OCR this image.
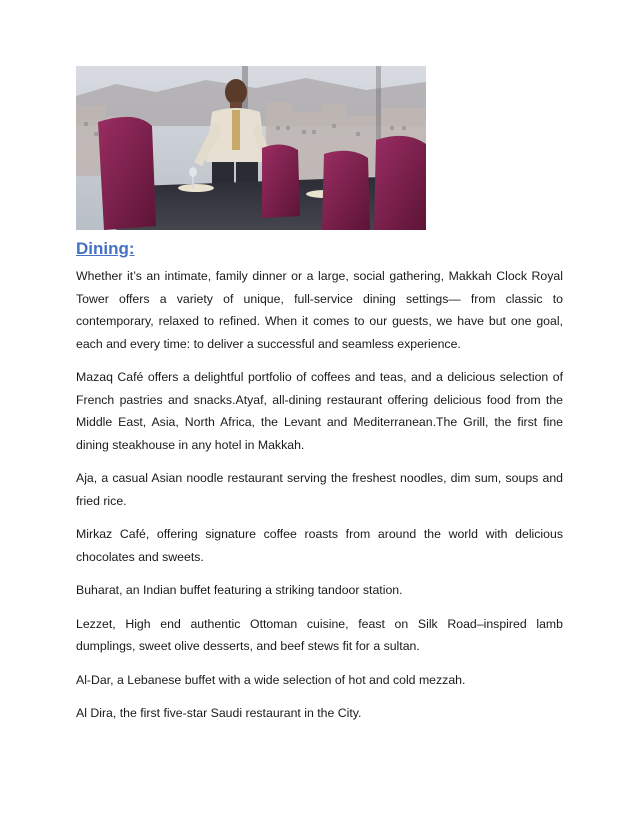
Dining:

Whether it’s an intimate, family dinner or a large, social gathering, Makkah Clock Royal Tower offers a variety of unique, full-service dining settings— from classic to contemporary, relaxed to refined. When it comes to our guests, we have but one goal, each and every time: to deliver a successful and seamless experience.

Mazaq Café offers a delightful portfolio of coffees and teas, and a delicious selection of French pastries and snacks.Atyaf, all-dining restaurant offering delicious food from the Middle East, Asia, North Africa, the Levant and Mediterranean.The Grill, the first fine dining steakhouse in any hotel in Makkah.

Aja, a casual Asian noodle restaurant serving the freshest noodles, dim sum, soups and fried rice.

Mirkaz Café, offering signature coffee roasts from around the world with delicious chocolates and sweets.

Buharat, an Indian buffet featuring a striking tandoor station.

Lezzet, High end authentic Ottoman cuisine, feast on Silk Road–inspired lamb dumplings, sweet olive desserts, and beef stews fit for a sultan.

Al-Dar, a Lebanese buffet with a wide selection of hot and cold mezzah.

Al Dira, the first five-star Saudi restaurant in the City.
